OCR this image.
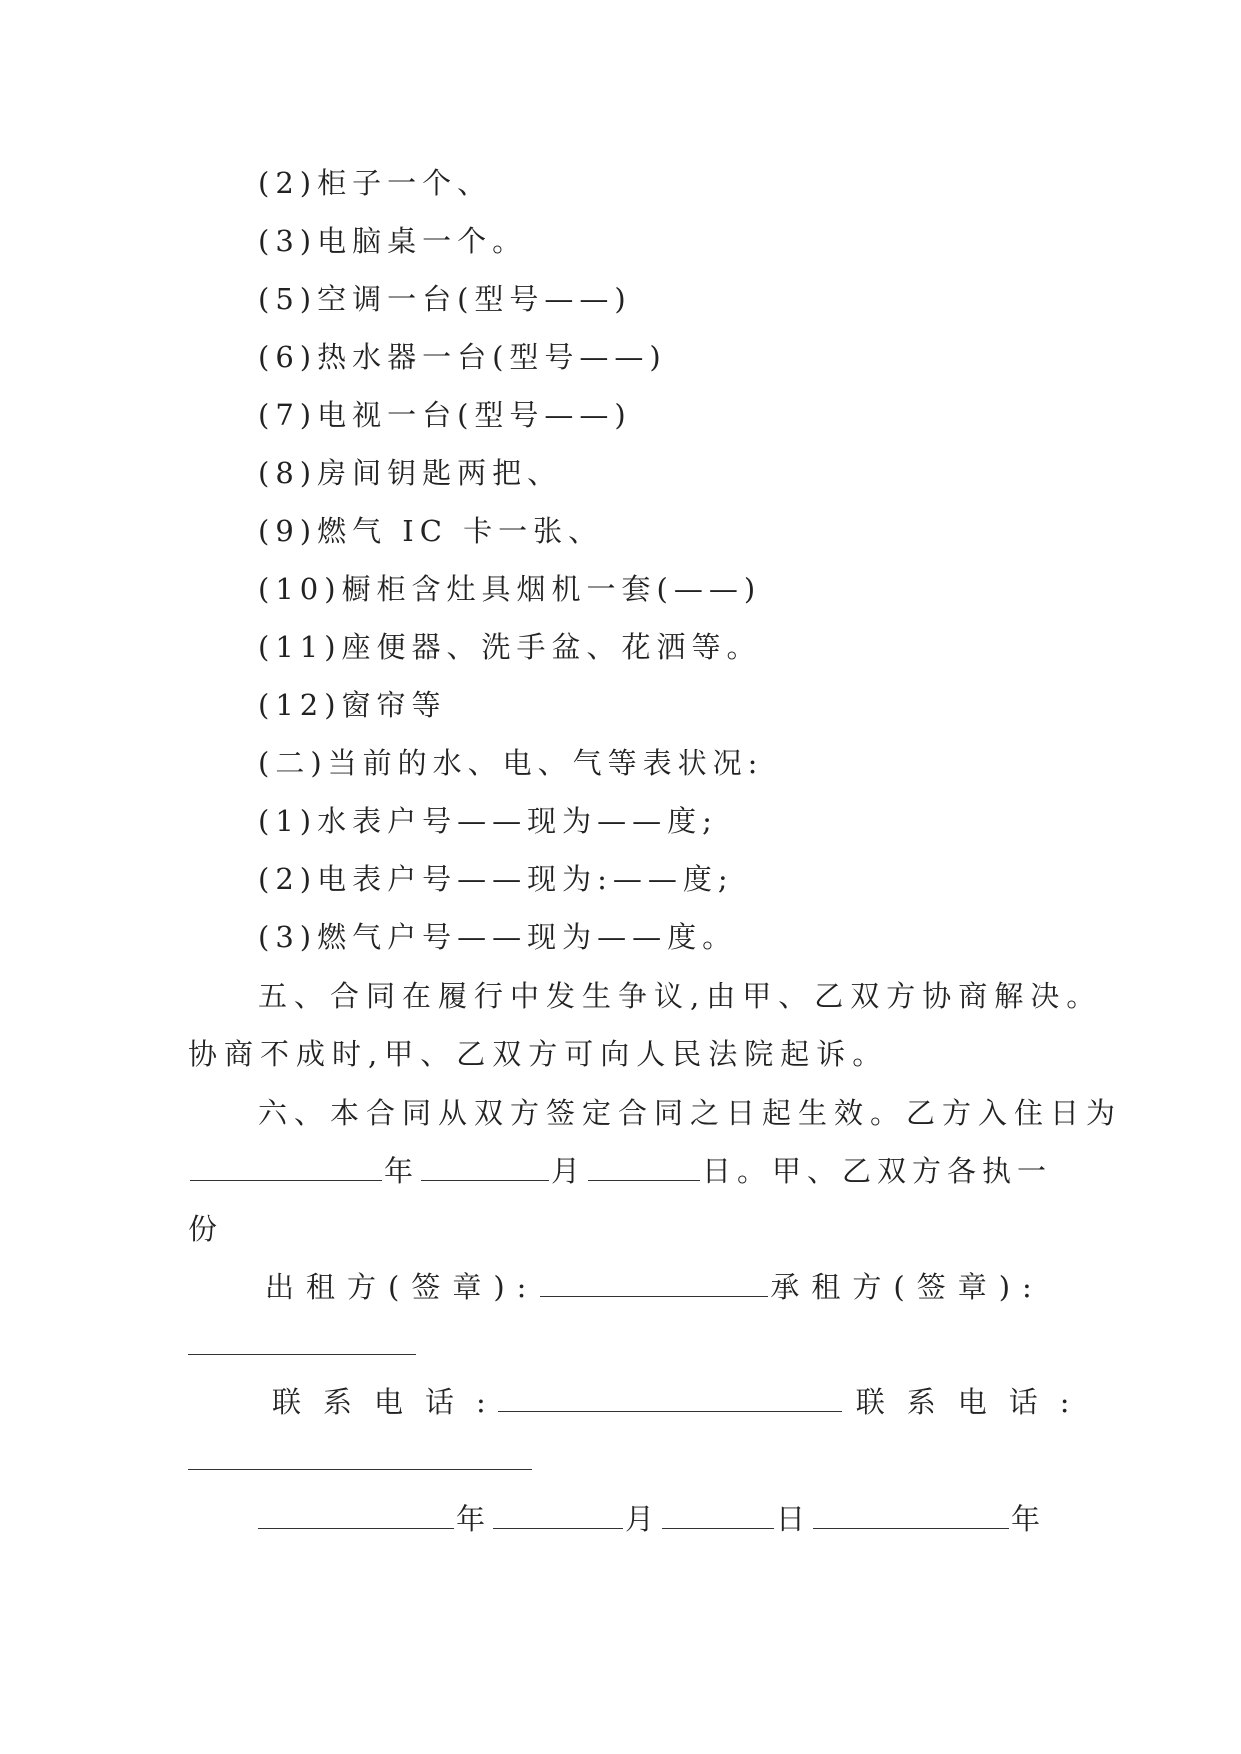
(2)柜子一个、
(3)电脑桌一个。
(5)空调一台(型号——)
(6)热水器一台(型号——)
(7)电视一台(型号——)
(8)房间钥匙两把、
(9)燃气 IC 卡一张、
(10)橱柜含灶具烟机一套(——)
(11)座便器、洗手盆、花洒等。
(12)窗帘等
(二)当前的水、电、气等表状况:
(1)水表户号——现为——度;
(2)电表户号——现为:——度;
(3)燃气户号——现为——度。
五、合同在履行中发生争议,由甲、乙双方协商解决。
协商不成时,甲、乙双方可向人民法院起诉。
六、本合同从双方签定合同之日起生效。乙方入住日为
年	月	日。甲、乙双方各执一
份
出租方(签章):	承租方(签章):
联系电话:	联系电话:
年	月	日	年
